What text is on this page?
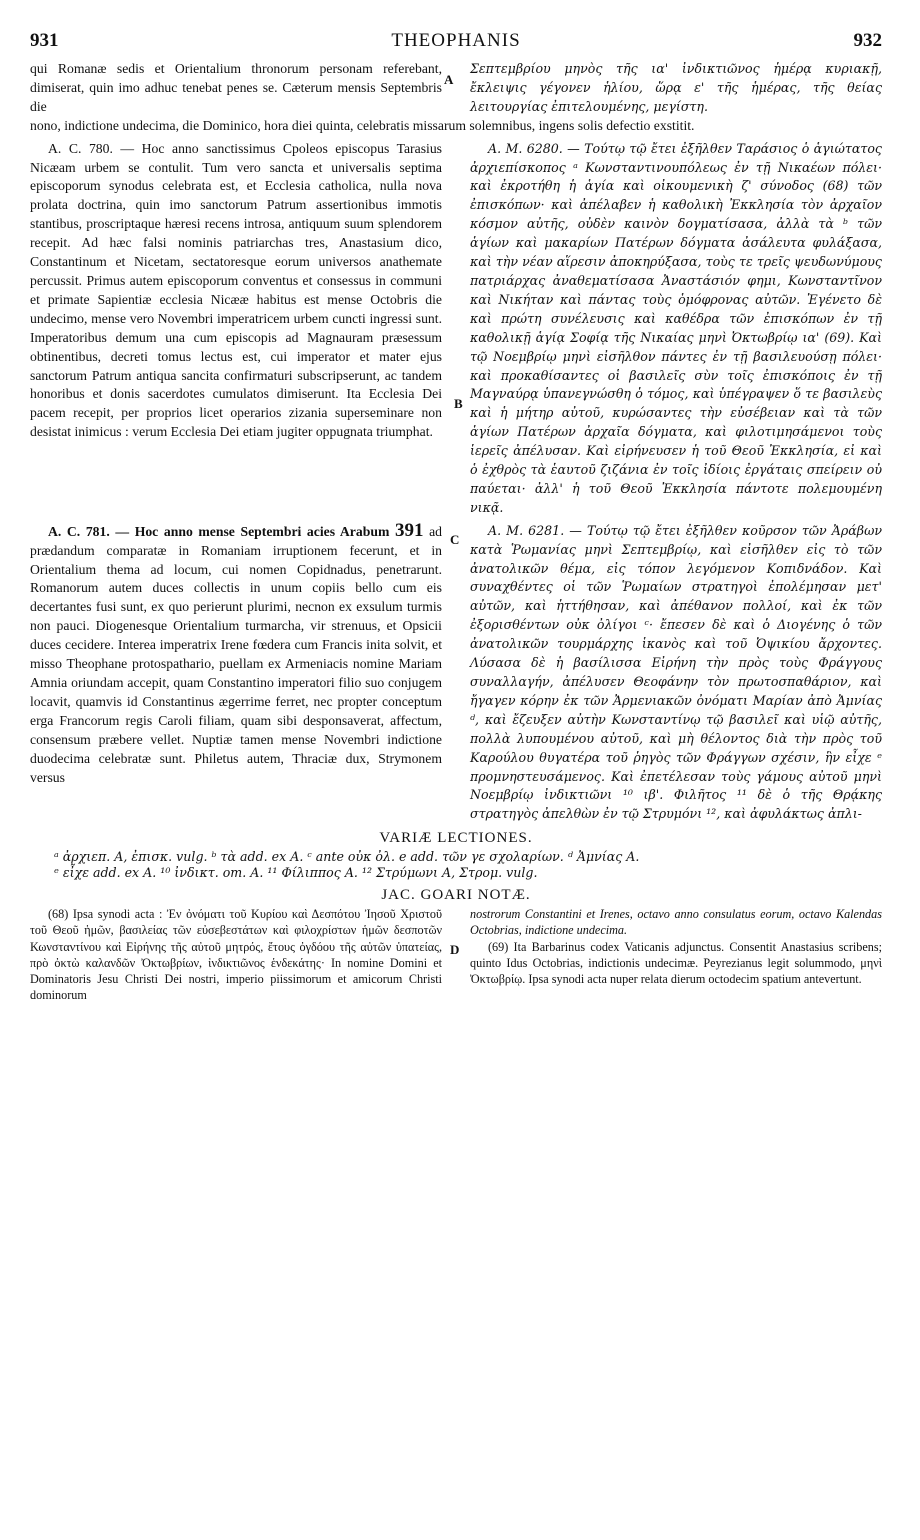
931	THEOPHANIS	932

qui Romanæ sedis et Orientalium thronorum personam referebant, dimiserat, quin imo adhuc tenebat penes se. Cæterum mensis Septembris die

A

Σεπτεμβρίου μηνὸς τῆς ια' ἰνδικτιῶνος ἡμέρᾳ κυριακῇ, ἔκλειψις γέγονεν ἡλίου, ὥρᾳ ε' τῆς ἡμέρας, τῆς θείας λειτουργίας ἐπιτελουμένης, μεγίστη.

nono, indictione undecima, die Dominico, hora diei quinta, celebratis missarum solemnibus, ingens solis defectio exstitit.

A. C. 780. — Hoc anno sanctissimus Cpoleos episcopus Tarasius Nicæam urbem se contulit. Tum vero sancta et universalis septima episcoporum synodus celebrata est, et Ecclesia catholica, nulla nova prolata doctrina, quin imo sanctorum Patrum assertionibus immotis stantibus, proscriptaque hæresi recens introsa, antiquum suum splendorem recepit. Ad hæc falsi nominis patriarchas tres, Anastasium dico, Constantinum et Nicetam, sectatoresque eorum universos anathemate percussit. Primus autem episcoporum conventus et consessus in communi et primate Sapientiæ ecclesia Nicææ habitus est mense Octobris die undecimo, mense vero Novembri imperatricem urbem cuncti ingressi sunt. Imperatoribus demum una cum episcopis ad Magnauram præsessum obtinentibus, decreti tomus lectus est, cui imperator et mater ejus sanctorum Patrum antiqua sancita confirmaturi subscripserunt, ac tandem honoribus et donis sacerdotes cumulatos dimiserunt. Ita Ecclesia Dei pacem recepit, per proprios licet operarios zizania superseminare non desistat inimicus : verum Ecclesia Dei etiam jugiter oppugnata triumphat.

B

A. M. 6280. — Τούτῳ τῷ ἔτει ἐξῆλθεν Ταράσιος ὁ ἁγιώτατος ἀρχιεπίσκοπος ᵃ Κωνσταντινουπόλεως ἐν τῇ Νικαέων πόλει· καὶ ἐκροτήθη ἡ ἁγία καὶ οἰκουμενικὴ ζ' σύνοδος (68) τῶν ἐπισκόπων· καὶ ἀπέλαβεν ἡ καθολικὴ Ἐκκλησία τὸν ἀρχαῖον κόσμον αὐτῆς, οὐδὲν καινὸν δογματίσασα, ἀλλὰ τὰ ᵇ τῶν ἁγίων καὶ μακαρίων Πατέρων δόγματα ἀσάλευτα φυλάξασα, καὶ τὴν νέαν αἵρεσιν ἀποκηρύξασα, τοὺς τε τρεῖς ψευδωνύμους πατριάρχας ἀναθεματίσασα Ἀναστάσιόν φημι, Κωνσταντῖνον καὶ Νικήταν καὶ πάντας τοὺς ὁμόφρονας αὐτῶν. Ἐγένετο δὲ καὶ πρώτη συνέλευσις καὶ καθέδρα τῶν ἐπισκόπων ἐν τῇ καθολικῇ ἁγίᾳ Σοφίᾳ τῆς Νικαίας μηνὶ Ὀκτωβρίῳ ια' (69). Καὶ τῷ Νοεμβρίῳ μηνὶ εἰσῆλθον πάντες ἐν τῇ βασιλευούσῃ πόλει· καὶ προκαθίσαντες οἱ βασιλεῖς σὺν τοῖς ἐπισκόποις ἐν τῇ Μαγναύρᾳ ὑπανεγνώσθη ὁ τόμος, καὶ ὑπέγραψεν ὅ τε βασιλεὺς καὶ ἡ μήτηρ αὐτοῦ, κυρώσαντες τὴν εὐσέβειαν καὶ τὰ τῶν ἁγίων Πατέρων ἀρχαῖα δόγματα, καὶ φιλοτιμησάμενοι τοὺς ἱερεῖς ἀπέλυσαν. Καὶ εἰρήνευσεν ἡ τοῦ Θεοῦ Ἐκκλησία, εἰ καὶ ὁ ἐχθρὸς τὰ ἑαυτοῦ ζιζάνια ἐν τοῖς ἰδίοις ἐργάταις σπείρειν οὐ παύεται· ἀλλ' ἡ τοῦ Θεοῦ Ἐκκλησία πάντοτε πολεμουμένη νικᾷ.

A. C. 781. — Hoc anno mense Septembri acies Arabum 391 ad prædandum comparatæ in Romaniam irruptionem fecerunt, et in Orientalium thema ad locum, cui nomen Copidnadus, penetrarunt. Romanorum autem duces collectis in unum copiis bello cum eis decertantes fusi sunt, ex quo perierunt plurimi, necnon ex exsulum turmis non pauci. Diogenesque Orientalium turmarcha, vir strenuus, et Opsicii duces cecidere. Interea imperatrix Irene fœdera cum Francis inita solvit, et misso Theophane protospathario, puellam ex Armeniacis nomine Mariam Amnia oriundam accepit, quam Constantino imperatori filio suo conjugem locavit, quamvis id Constantinus ægerrime ferret, nec propter conceptum erga Francorum regis Caroli filiam, quam sibi desponsaverat, affectum, consensum præbere vellet. Nuptiæ tamen mense Novembri indictione duodecima celebratæ sunt. Philetus autem, Thraciæ dux, Strymonem versus

C
D

A. M. 6281. — Τούτῳ τῷ ἔτει ἐξῆλθεν κοῦρσον τῶν Ἀράβων κατὰ Ῥωμανίας μηνὶ Σεπτεμβρίῳ, καὶ εἰσῆλθεν εἰς τὸ τῶν ἀνατολικῶν θέμα, εἰς τόπον λεγόμενον Κοπιδνάδον. Καὶ συναχθέντες οἱ τῶν Ῥωμαίων στρατηγοὶ ἐπολέμησαν μετ' αὐτῶν, καὶ ἡττήθησαν, καὶ ἀπέθανον πολλοί, καὶ ἐκ τῶν ἐξορισθέντων οὐκ ὀλίγοι ᶜ· ἔπεσεν δὲ καὶ ὁ Διογένης ὁ τῶν ἀνατολικῶν τουρμάρχης ἱκανὸς καὶ τοῦ Ὀψικίου ἄρχοντες. Λύσασα δὲ ἡ βασίλισσα Εἰρήνη τὴν πρὸς τοὺς Φράγγους συναλλαγήν, ἀπέλυσεν Θεοφάνην τὸν πρωτοσπαθάριον, καὶ ἤγαγεν κόρην ἐκ τῶν Ἀρμενιακῶν ὀνόματι Μαρίαν ἀπὸ Ἀμνίας ᵈ, καὶ ἔζευξεν αὐτὴν Κωνσταντίνῳ τῷ βασιλεῖ καὶ υἱῷ αὐτῆς, πολλὰ λυπουμένου αὐτοῦ, καὶ μὴ θέλοντος διὰ τὴν πρὸς τοῦ Καρούλου θυγατέρα τοῦ ῥηγὸς τῶν Φράγγων σχέσιν, ἣν εἶχε ᵉ προμνηστευσάμενος. Καὶ ἐπετέλεσαν τοὺς γάμους αὐτοῦ μηνὶ Νοεμβρίῳ ἰνδικτιῶνι ¹⁰ ιβ'. Φιλῆτος ¹¹ δὲ ὁ τῆς Θρᾴκης στρατηγὸς ἀπελθὼν ἐν τῷ Στρυμόνι ¹², καὶ ἀφυλάκτως ἀπλι-

VARIÆ LECTIONES.
ᵃ ἀρχιεπ. A, ἐπισκ. vulg. ᵇ τὰ add. ex A. ᶜ ante οὐκ ὀλ. e add. τῶν γε σχολαρίων. ᵈ Ἀμνίας A.
ᵉ εἶχε add. ex A. ¹⁰ ἰνδικτ. om. A. ¹¹ Φίλιππος A. ¹² Στρύμωνι A, Στρομ. vulg.
JAC. GOARI NOTÆ.

(68) Ipsa synodi acta : Ἐν ὀνόματι τοῦ Κυρίου καὶ Δεσπότου Ἰησοῦ Χριστοῦ τοῦ Θεοῦ ἡμῶν, βασιλείας τῶν εὐσεβεστάτων καὶ φιλοχρίστων ἡμῶν δεσποτῶν Κωνσταντίνου καὶ Εἰρήνης τῆς αὐτοῦ μητρός, ἔτους ὀγδόου τῆς αὐτῶν ὑπατείας, πρὸ ὀκτὼ καλανδῶν Ὀκτωβρίων, ἰνδικτιῶνος ἑνδεκάτης· In nomine Domini et Dominatoris Jesu Christi Dei nostri, imperio piissimorum et amicorum Christi dominorum

nostrorum Constantini et Irenes, octavo anno consulatus eorum, octavo Kalendas Octobrias, indictione undecima.

(69) Ita Barbarinus codex Vaticanis adjunctus. Consentit Anastasius scribens; quinto Idus Octobrias, indictionis undecimæ. Peyrezianus legit solummodo, μηνὶ Ὀκτωβρίῳ. Ipsa synodi acta nuper relata dierum octodecim spatium antevertunt.
